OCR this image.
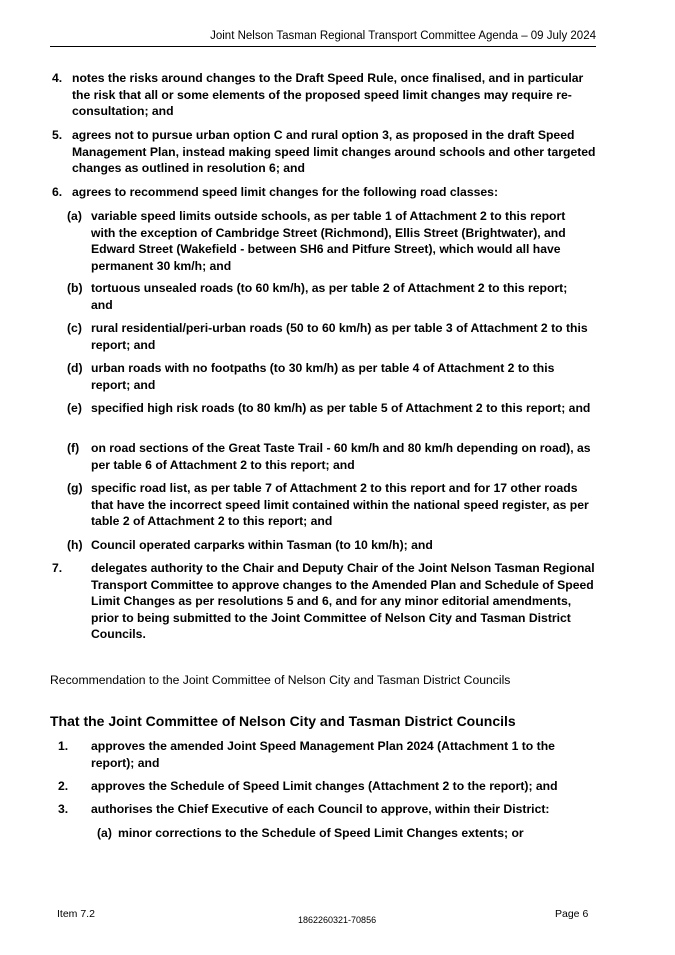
Joint Nelson Tasman Regional Transport Committee Agenda – 09 July 2024
4. notes the risks around changes to the Draft Speed Rule, once finalised, and in particular the risk that all or some elements of the proposed speed limit changes may require re-consultation; and
5. agrees not to pursue urban option C and rural option 3, as proposed in the draft Speed Management Plan, instead making speed limit changes around schools and other targeted changes as outlined in resolution 6; and
6. agrees to recommend speed limit changes for the following road classes:
(a) variable speed limits outside schools, as per table 1 of Attachment 2 to this report with the exception of Cambridge Street (Richmond), Ellis Street (Brightwater), and Edward Street (Wakefield - between SH6 and Pitfure Street), which would all have permanent 30 km/h; and
(b) tortuous unsealed roads (to 60 km/h), as per table 2 of Attachment 2 to this report; and
(c) rural residential/peri-urban roads (50 to 60 km/h) as per table 3 of Attachment 2 to this report; and
(d) urban roads with no footpaths (to 30 km/h) as per table 4 of Attachment 2 to this report; and
(e) specified high risk roads (to 80 km/h) as per table 5 of Attachment 2 to this report; and
(f) on road sections of the Great Taste Trail - 60 km/h and 80 km/h depending on road), as per table 6 of Attachment 2 to this report; and
(g) specific road list, as per table 7 of Attachment 2 to this report and for 17 other roads that have the incorrect speed limit contained within the national speed register, as per table 2 of Attachment 2 to this report; and
(h) Council operated carparks within Tasman (to 10 km/h); and
7. delegates authority to the Chair and Deputy Chair of the Joint Nelson Tasman Regional Transport Committee to approve changes to the Amended Plan and Schedule of Speed Limit Changes as per resolutions 5 and 6, and for any minor editorial amendments, prior to being submitted to the Joint Committee of Nelson City and Tasman District Councils.
Recommendation to the Joint Committee of Nelson City and Tasman District Councils
That the Joint Committee of Nelson City and Tasman District Councils
1. approves the amended Joint Speed Management Plan 2024 (Attachment 1 to the report); and
2. approves the Schedule of Speed Limit changes (Attachment 2 to the report); and
3. authorises the Chief Executive of each Council to approve, within their District:
(a) minor corrections to the Schedule of Speed Limit Changes extents; or
Item 7.2	1862260321-70856	Page 6
